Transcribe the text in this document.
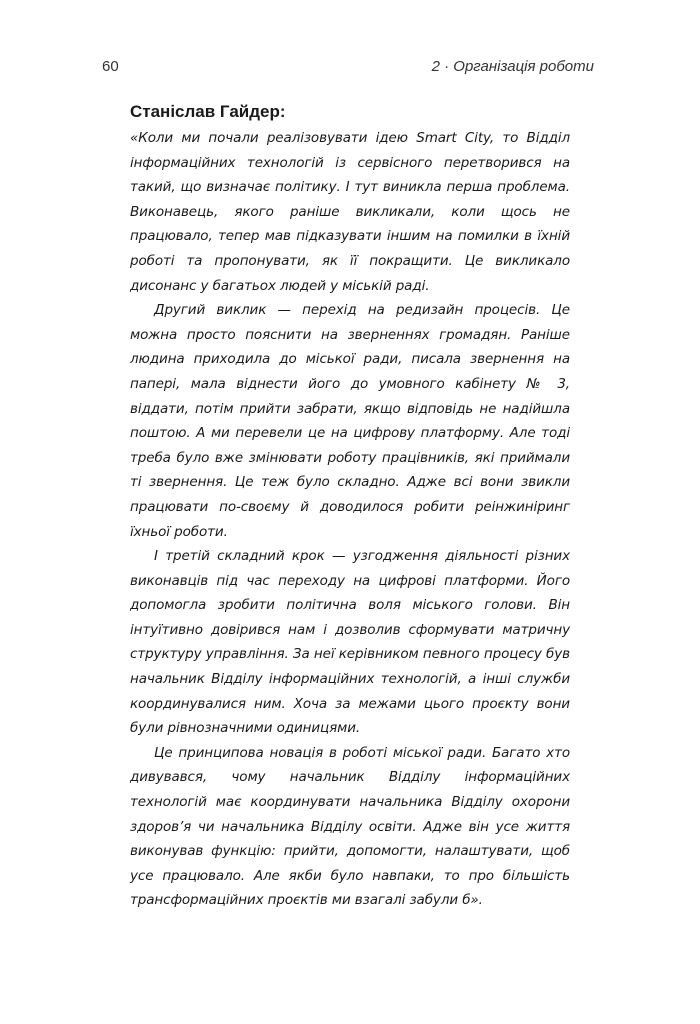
60	2 · Організація роботи

Станіслав Гайдер:

«Коли ми почали реалізовувати ідею Smart City, то Відділ інформаційних технологій із сервісного перетворився на такий, що визначає політику. І тут виникла перша проблема. Виконавець, якого раніше викликали, коли щось не працювало, тепер мав підказувати іншим на помилки в їхній роботі та пропонувати, як її покращити. Це викликало дисонанс у багатьох людей у міській раді.

Другий виклик — перехід на редизайн процесів. Це можна просто пояснити на зверненнях громадян. Раніше людина приходила до міської ради, писала звернення на папері, мала віднести його до умовного кабінету № 3, віддати, потім прийти забрати, якщо відповідь не надійшла поштою. А ми перевели це на цифрову платформу. Але тоді треба було вже змінювати роботу працівників, які приймали ті звернення. Це теж було складно. Адже всі вони звикли працювати по-своєму й доводилося робити реінжиніринг їхньої роботи.

І третій складний крок — узгодження діяльності різних виконавців під час переходу на цифрові платформи. Його допомогла зробити політична воля міського голови. Він інтуїтивно довірився нам і дозволив сформувати матричну структуру управління. За неї керівником певного процесу був начальник Відділу інформаційних технологій, а інші служби координувалися ним. Хоча за межами цього проєкту вони були рівнозначними одиницями.

Це принципова новація в роботі міської ради. Багато хто дивувався, чому начальник Відділу інформаційних технологій має координувати начальника Відділу охорони здоров’я чи начальника Відділу освіти. Адже він усе життя виконував функцію: прийти, допомогти, налаштувати, щоб усе працювало. Але якби було навпаки, то про більшість трансформаційних проєктів ми взагалі забули б».
